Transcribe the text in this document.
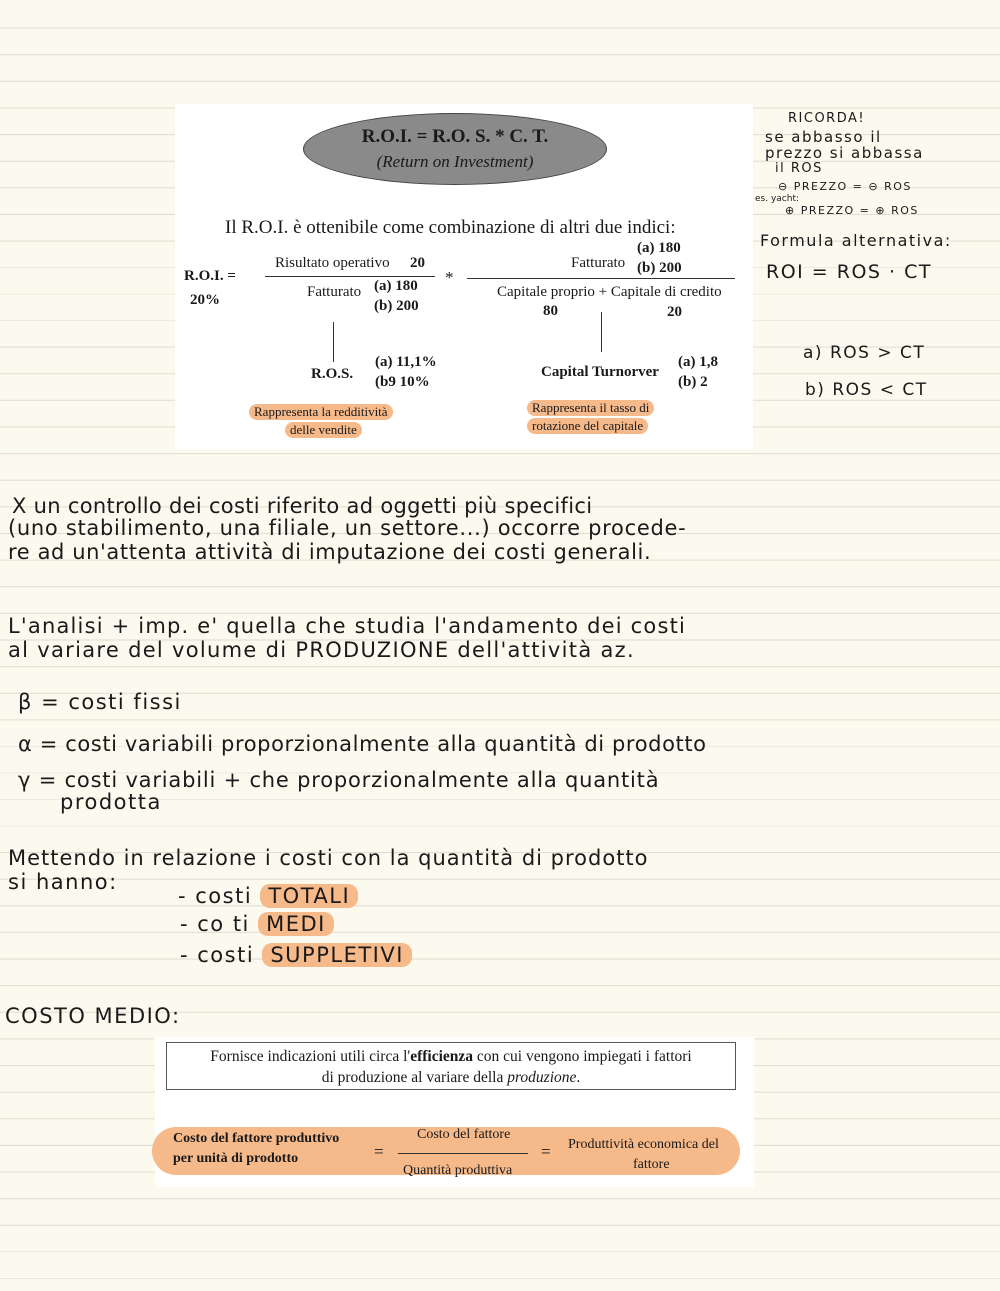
R.O.I. = R.O. S. * C. T.
(Return on Investment)
Il R.O.I. è ottenibile come combinazione di altri due indici:
R.O.I. =
20%
Risultato operativo 20
Fatturato (a) 180
(b) 200
*
Fatturato
(a) 180
(b) 200
Capitale proprio + Capitale di credito
80	20
R.O.S.
(a) 11,1%
(b9 10%
Rappresenta la redditività
delle vendite
Capital Turnorver
(a) 1,8
(b) 2
Rappresenta il tasso di
rotazione del capitale
RICORDA!
se abbasso il
prezzo si abbassa
il ROS
⊖ PREZZO = ⊖ ROS
es. yacht:
⊕ PREZZO = ⊕ ROS
Formula alternativa:
ROI = ROS · CT
a) ROS > CT
b) ROS < CT
X un controllo dei costi riferito ad oggetti più specifici
(uno stabilimento, una filiale, un settore...) occorre procede-
re ad un'attenta attività di imputazione dei costi generali.
L'analisi + imp. e' quella che studia l'andamento dei costi
al variare del volume di PRODUZIONE dell'attività az.
β = costi fissi
α = costi variabili proporzionalmente alla quantità di prodotto
γ = costi variabili + che proporzionalmente alla quantità
prodotta
Mettendo in relazione i costi con la quantità di prodotto
si hanno:
- costi TOTALI
- co ti MEDI
- costi SUPPLETIVI
COSTO MEDIO:
Fornisce indicazioni utili circa l'efficienza con cui vengono impiegati i fattori
di produzione al variare della produzione.
Costo del fattore produttivo
per unità di prodotto	=
Costo del fattore
Quantità produttiva
= Produttività economica del
fattore
